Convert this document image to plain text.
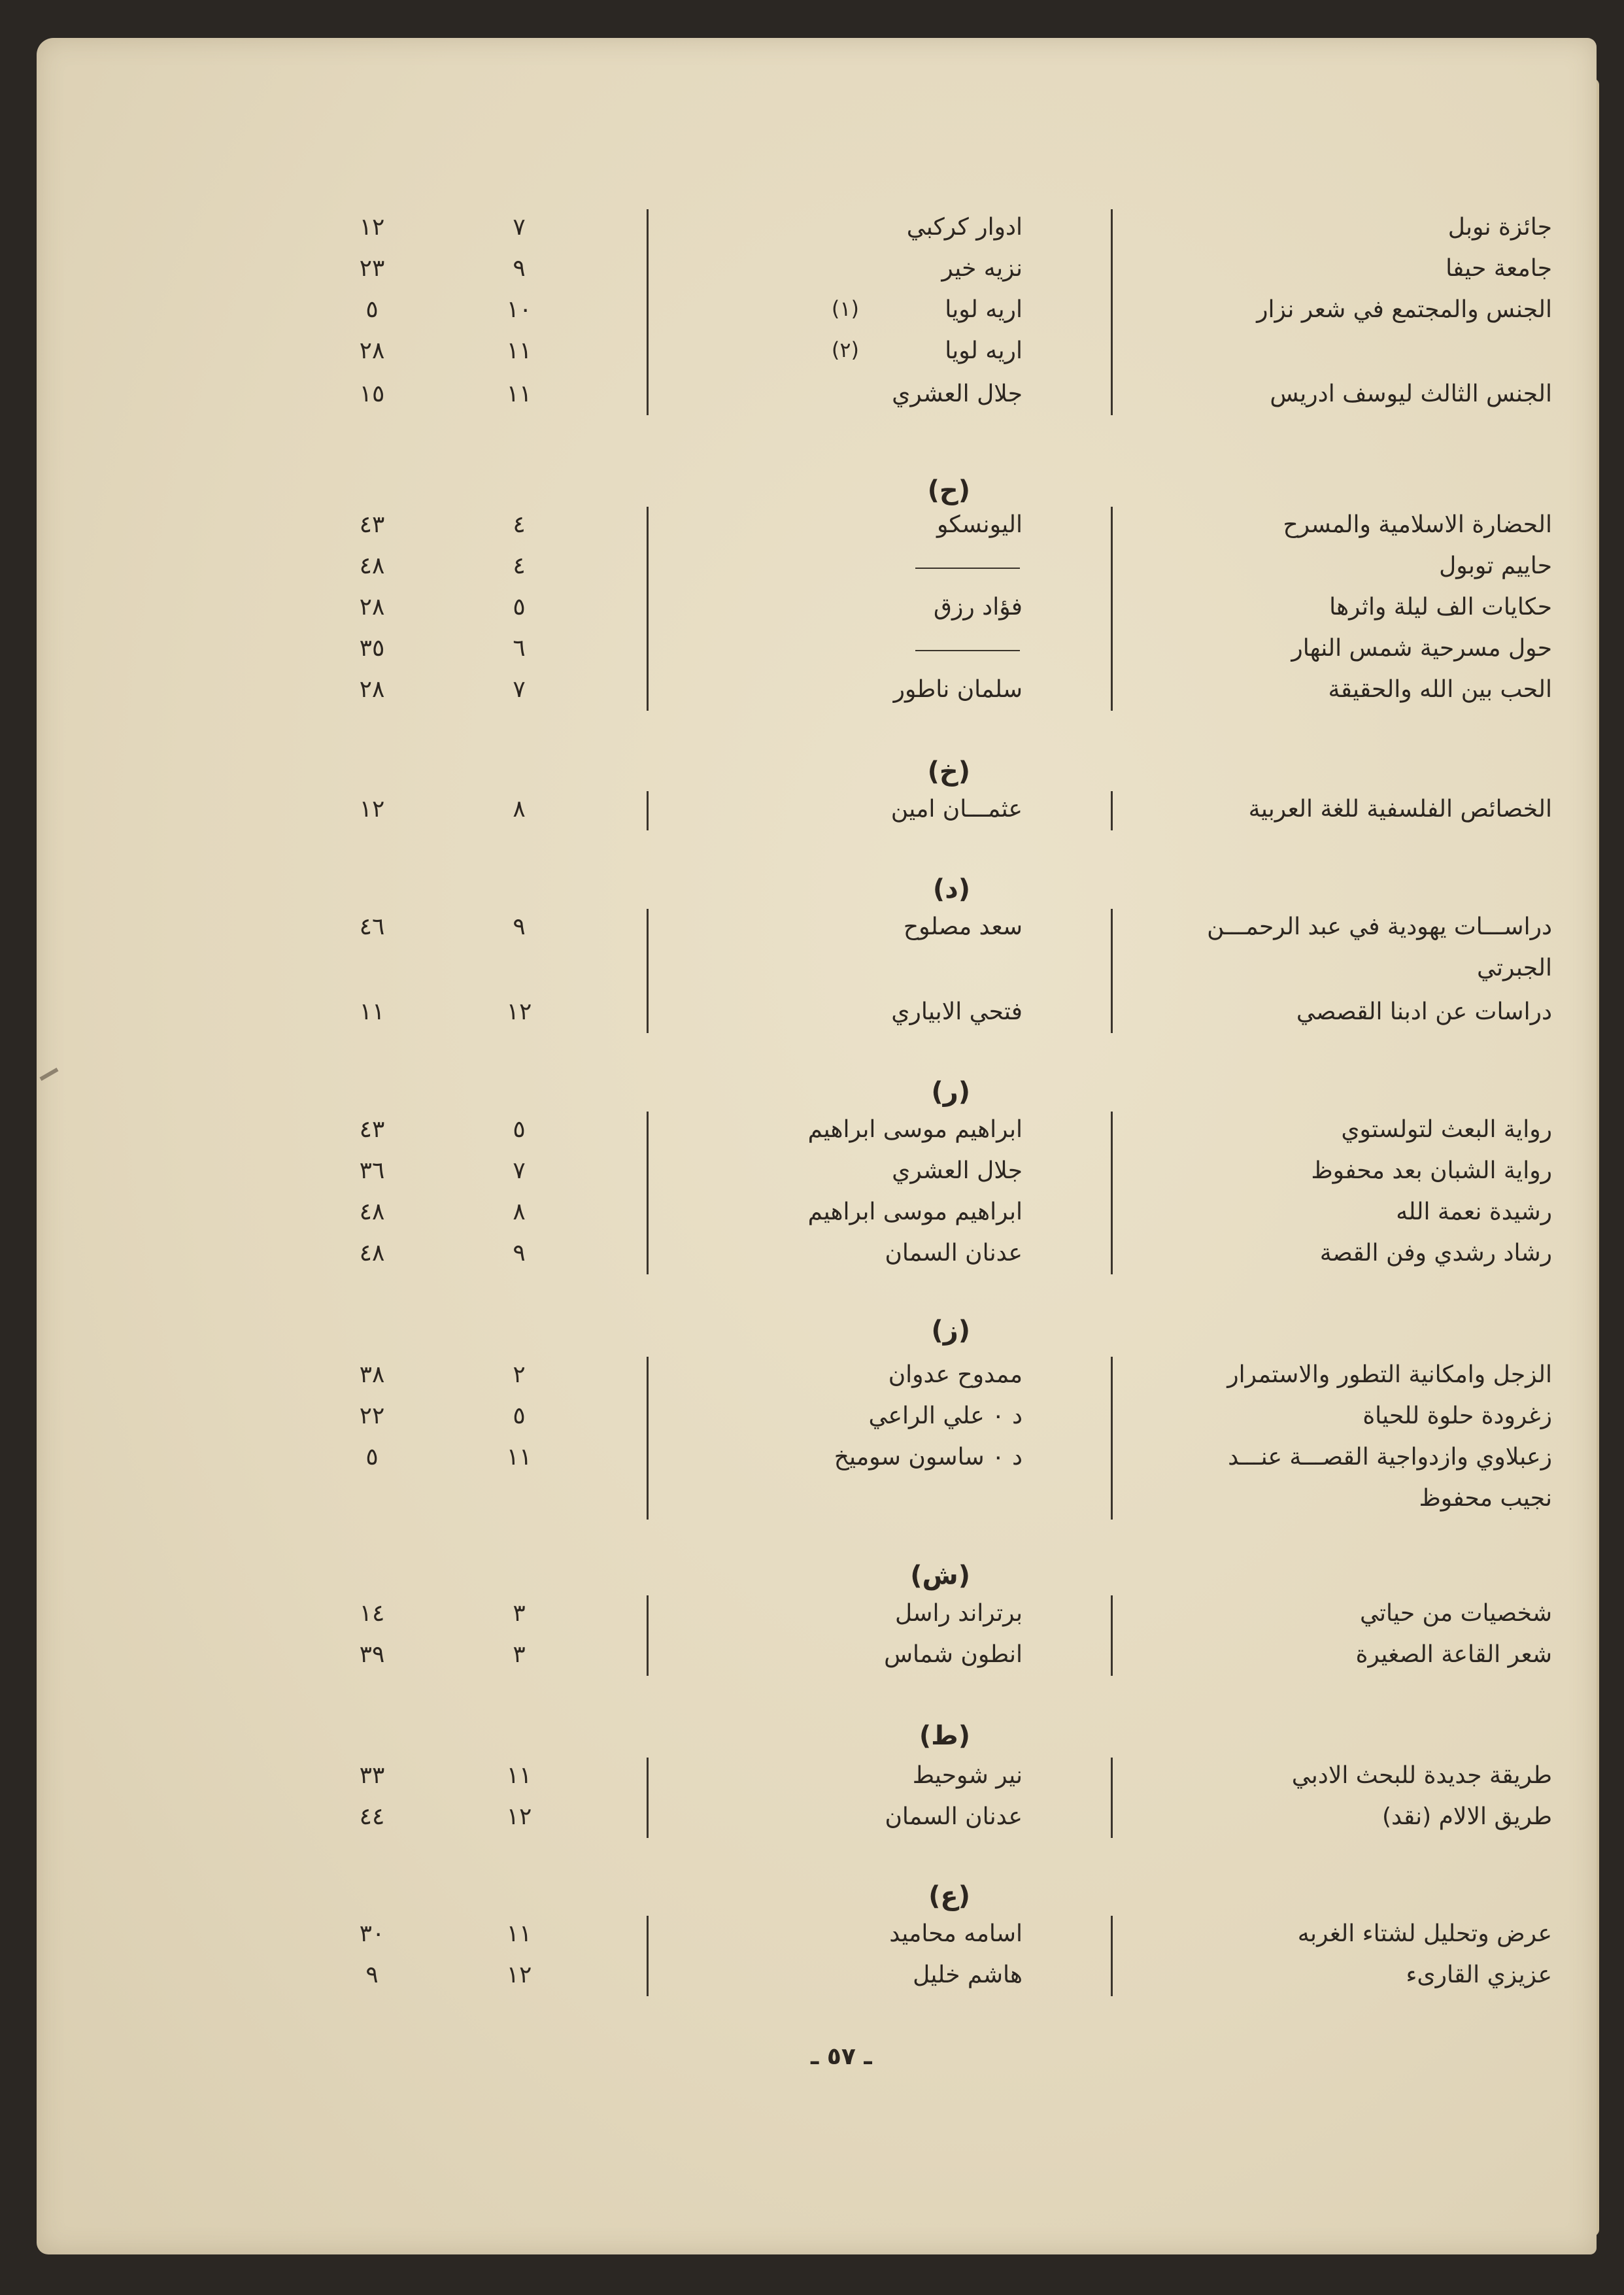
جائزة نوبل
ادوار كركبي
٧
١٢
جامعة حيفا
نزيه خير
٩
٢٣
الجنس والمجتمع في شعر نزار
اريه لويا
(١)
١٠
٥
اريه لويا
(٢)
١١
٢٨
الجنس الثالث ليوسف ادريس
جلال العشري
١١
١٥
(ح)
الحضارة الاسلامية والمسرح
اليونسكو
٤
٤٣
حاييم توبول
٤
٤٨
حكايات الف ليلة واثرها
فؤاد رزق
٥
٢٨
حول مسرحية شمس النهار
٦
٣٥
الحب بين الله والحقيقة
سلمان ناطور
٧
٢٨
(خ)
الخصائص الفلسفية للغة العربية
عثمـــان امين
٨
١٢
(د)
دراســـات يهودية في عبد الرحمـــن
سعد مصلوح
٩
٤٦
الجبرتي
دراسات عن ادبنا القصصي
فتحي الابياري
١٢
١١
(ر)
رواية البعث لتولستوي
ابراهيم موسى ابراهيم
٥
٤٣
رواية الشبان بعد محفوظ
جلال العشري
٧
٣٦
رشيدة نعمة الله
ابراهيم موسى ابراهيم
٨
٤٨
رشاد رشدي وفن القصة
عدنان السمان
٩
٤٨
(ز)
الزجل وامكانية التطور والاستمرار
ممدوح عدوان
٢
٣٨
زغرودة حلوة للحياة
د ٠ علي الراعي
٥
٢٢
زعبلاوي وازدواجية القصـــة عنـــد
د ٠ ساسون سوميخ
١١
٥
نجيب محفوظ
(ش)
شخصيات من حياتي
برتراند راسل
٣
١٤
شعر القاعة الصغيرة
انطون شماس
٣
٣٩
(ط)
طريقة جديدة للبحث الادبي
نير شوحيط
١١
٣٣
طريق الالام (نقد)
عدنان السمان
١٢
٤٤
(ع)
عرض وتحليل لشتاء الغربه
اسامه محاميد
١١
٣٠
عزيزي القارىء
هاشم خليل
١٢
٩
ـ ٥٧ ـ
